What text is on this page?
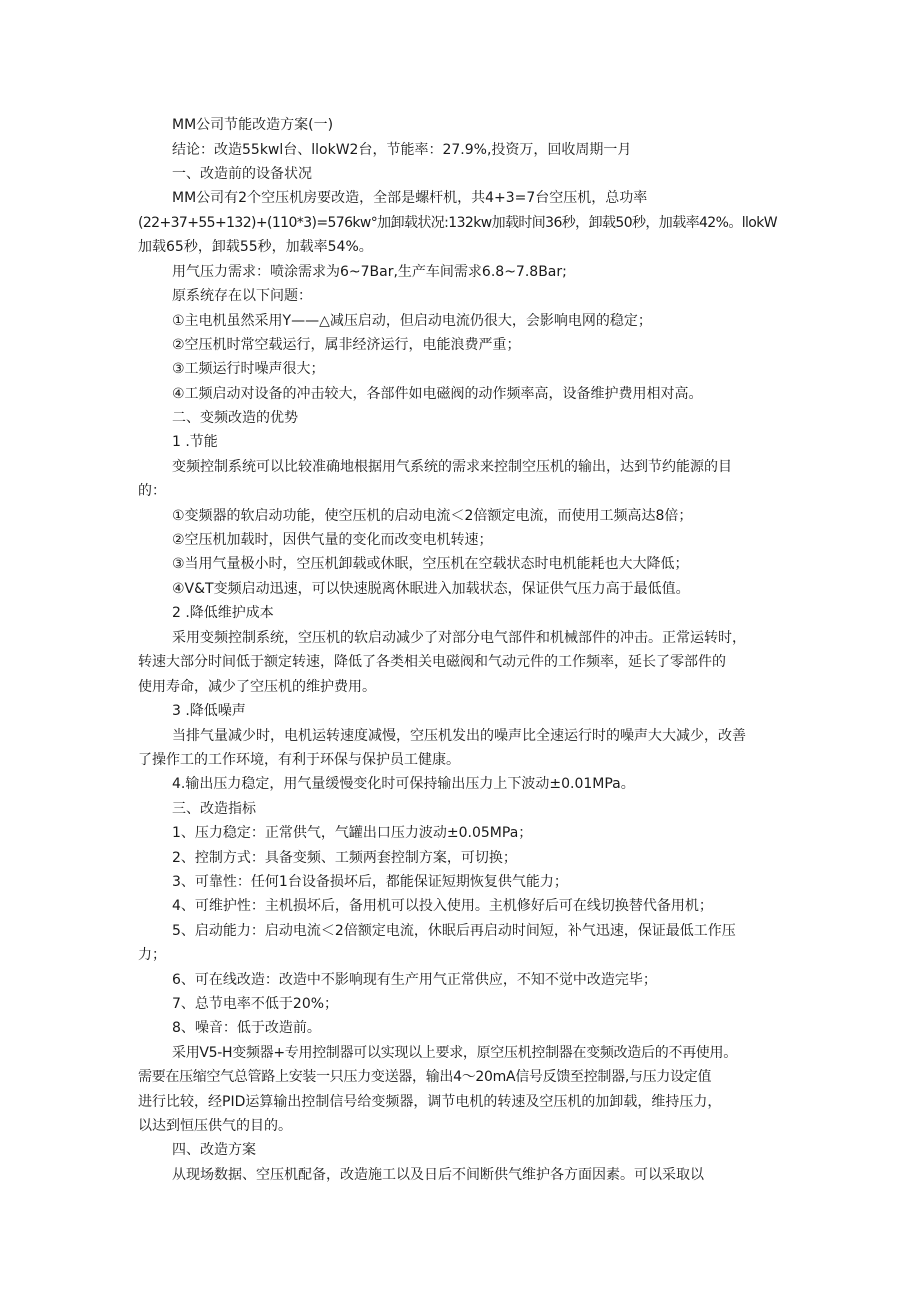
MM公司节能改造方案(一)
结论：改造55kwl台、llokW2台，节能率：27.9%,投资万，回收周期一月
一、改造前的设备状况
MM公司有2个空压机房要改造，全部是螺杆机，共4+3=7台空压机，总功率
(22+37+55+132)+(110*3)=576kw°加卸载状况:132kw加载时间36秒，卸载50秒，加载率42%。llokW
加载65秒，卸载55秒，加载率54%。
用气压力需求：喷涂需求为6~7Bar,生产车间需求6.8~7.8Bar;
原系统存在以下问题：
①主电机虽然采用Y——△减压启动，但启动电流仍很大，会影响电网的稳定；
②空压机时常空载运行，属非经济运行，电能浪费严重；
③工频运行时噪声很大；
④工频启动对设备的冲击较大，各部件如电磁阀的动作频率高，设备维护费用相对高。
二、变频改造的优势
1 .节能
变频控制系统可以比较准确地根据用气系统的需求来控制空压机的输出，达到节约能源的目
的：
①变频器的软启动功能，使空压机的启动电流＜2倍额定电流，而使用工频高达8倍；
②空压机加载时，因供气量的变化而改变电机转速；
③当用气量极小时，空压机卸载或休眠，空压机在空载状态时电机能耗也大大降低；
④V&T变频启动迅速，可以快速脱离休眠进入加载状态，保证供气压力高于最低值。
2 .降低维护成本
采用变频控制系统，空压机的软启动减少了对部分电气部件和机械部件的冲击。正常运转时，
转速大部分时间低于额定转速，降低了各类相关电磁阀和气动元件的工作频率，延长了零部件的
使用寿命，减少了空压机的维护费用。
3 .降低噪声
当排气量减少时，电机运转速度减慢，空压机发出的噪声比全速运行时的噪声大大减少，改善
了操作工的工作环境，有利于环保与保护员工健康。
4.输出压力稳定，用气量缓慢变化时可保持输出压力上下波动±0.01MPa。
三、改造指标
1、压力稳定：正常供气，气罐出口压力波动±0.05MPa；
2、控制方式：具备变频、工频两套控制方案，可切换；
3、可靠性：任何1台设备损坏后，都能保证短期恢复供气能力；
4、可维护性：主机损坏后，备用机可以投入使用。主机修好后可在线切换替代备用机；
5、启动能力：启动电流＜2倍额定电流，休眠后再启动时间短，补气迅速，保证最低工作压
力；
6、可在线改造：改造中不影响现有生产用气正常供应，不知不觉中改造完毕；
7、总节电率不低于20%；
8、噪音：低于改造前。
采用V5-H变频器+专用控制器可以实现以上要求，原空压机控制器在变频改造后的不再使用。
需要在压缩空气总管路上安装一只压力变送器，输出4～20mA信号反馈至控制器,与压力设定值
进行比较，经PID运算输出控制信号给变频器，调节电机的转速及空压机的加卸载，维持压力，
以达到恒压供气的目的。
四、改造方案
从现场数据、空压机配备，改造施工以及日后不间断供气维护各方面因素。可以采取以
